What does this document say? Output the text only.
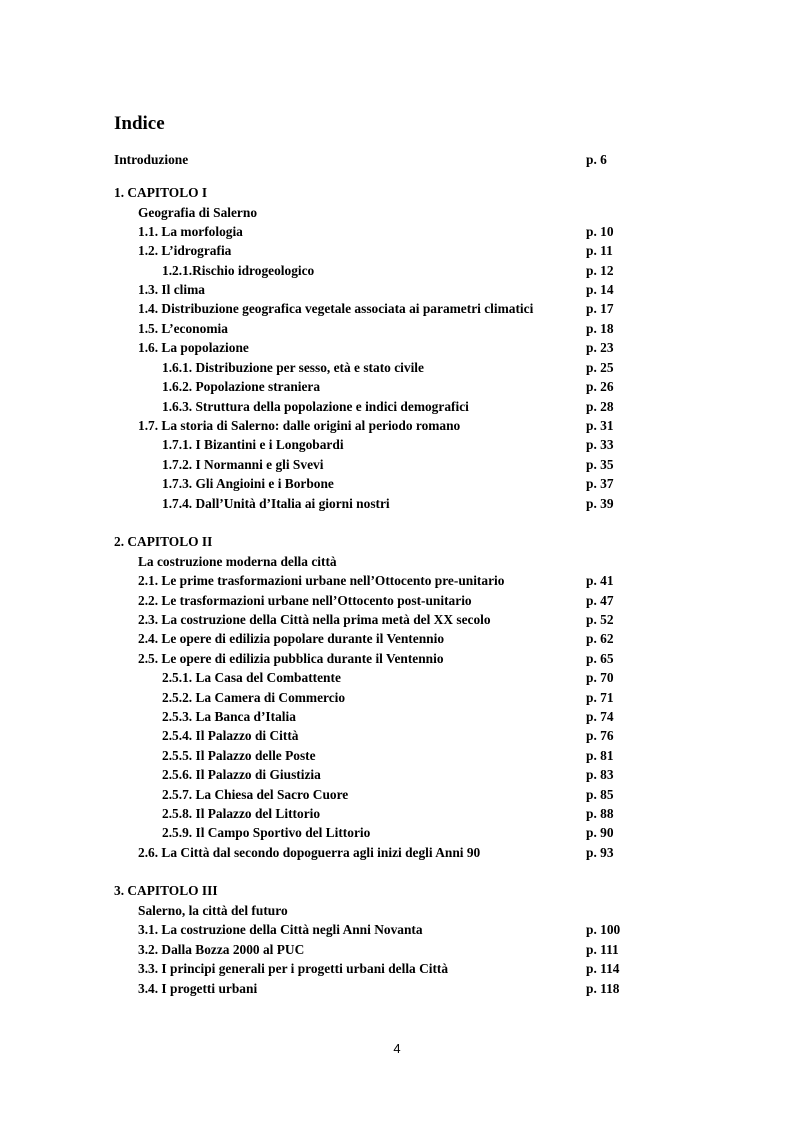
Indice
Introduzione	p. 6
1. CAPITOLO I
Geografia di Salerno
1.1. La morfologia	p. 10
1.2. L’idrografia	p. 11
1.2.1.Rischio idrogeologico	p. 12
1.3. Il clima	p. 14
1.4. Distribuzione geografica vegetale associata ai parametri climatici	p. 17
1.5. L’economia	p. 18
1.6. La popolazione	p. 23
1.6.1. Distribuzione per sesso, età e stato civile	p. 25
1.6.2. Popolazione straniera	p. 26
1.6.3. Struttura della popolazione e indici demografici	p. 28
1.7. La storia di Salerno: dalle origini al periodo romano	p. 31
1.7.1. I Bizantini e i Longobardi	p. 33
1.7.2. I Normanni e gli Svevi	p. 35
1.7.3. Gli Angioini e i Borbone	p. 37
1.7.4. Dall’Unità d’Italia ai giorni nostri	p. 39
2. CAPITOLO II
La costruzione moderna della città
2.1. Le prime trasformazioni urbane nell’Ottocento pre-unitario	p. 41
2.2. Le trasformazioni urbane nell’Ottocento post-unitario	p. 47
2.3. La costruzione della Città nella prima metà del XX secolo	p. 52
2.4. Le opere di edilizia popolare durante il Ventennio	p. 62
2.5. Le opere di edilizia pubblica durante il Ventennio	p. 65
2.5.1. La Casa del Combattente	p. 70
2.5.2. La Camera di Commercio	p. 71
2.5.3. La Banca d’Italia	p. 74
2.5.4. Il Palazzo di Città	p. 76
2.5.5. Il Palazzo delle Poste	p. 81
2.5.6. Il Palazzo di Giustizia	p. 83
2.5.7. La Chiesa del Sacro Cuore	p. 85
2.5.8. Il Palazzo del Littorio	p. 88
2.5.9. Il Campo Sportivo del Littorio	p. 90
2.6. La Città dal secondo dopoguerra agli inizi degli Anni 90	p. 93
3. CAPITOLO III
Salerno, la città del futuro
3.1. La costruzione della Città negli Anni Novanta	p. 100
3.2. Dalla Bozza 2000 al PUC	p. 111
3.3. I principi generali per i progetti urbani della Città	p. 114
3.4. I progetti urbani	p. 118
4
